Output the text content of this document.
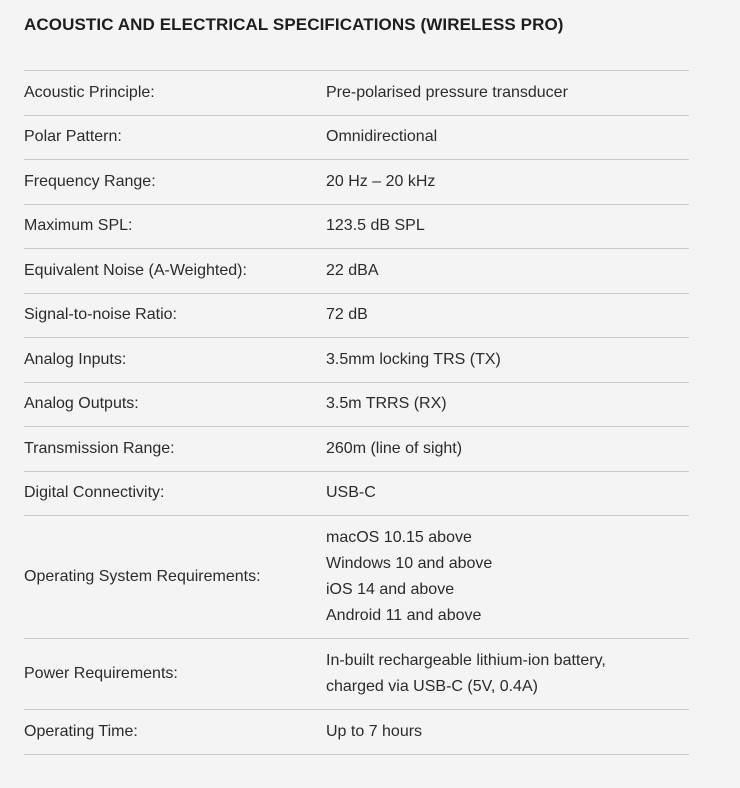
ACOUSTIC AND ELECTRICAL SPECIFICATIONS (WIRELESS PRO)
Acoustic Principle:	Pre-polarised pressure transducer

Polar Pattern:	Omnidirectional

Frequency Range:	20 Hz – 20 kHz

Maximum SPL:	123.5 dB SPL

Equivalent Noise (A-Weighted):	22 dBA

Signal-to-noise Ratio:	72 dB

Analog Inputs:	3.5mm locking TRS (TX)

Analog Outputs:	3.5m TRRS (RX)

Transmission Range:	260m (line of sight)

Digital Connectivity:	USB-C

Operating System Requirements:	macOS 10.15 above
Windows 10 and above
iOS 14 and above
Android 11 and above

Power Requirements:	In-built rechargeable lithium-ion battery,
charged via USB-C (5V, 0.4A)

Operating Time:	Up to 7 hours
